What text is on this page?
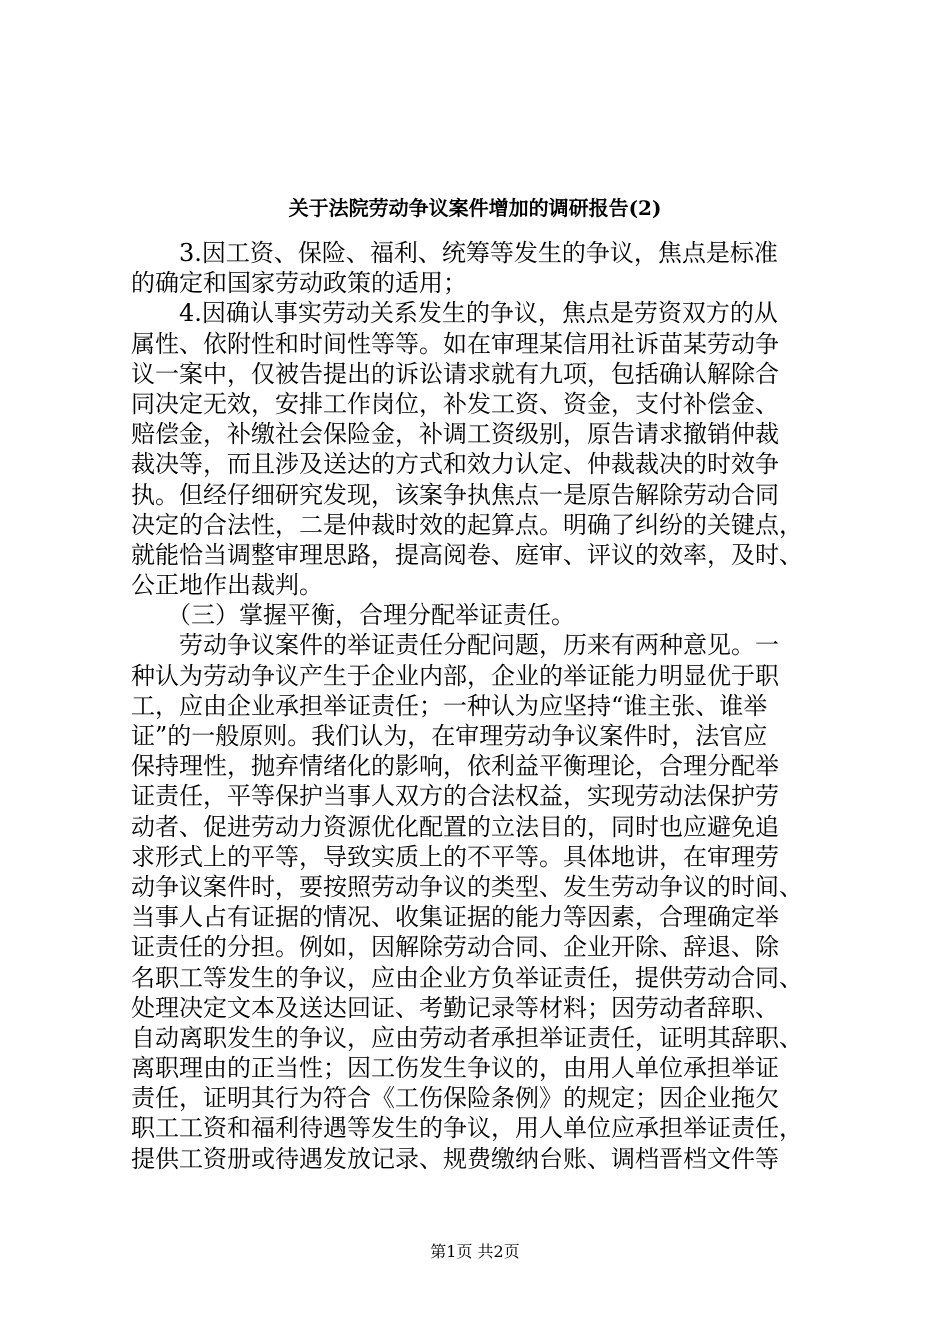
关于法院劳动争议案件增加的调研报告(2)
　　3.因工资、保险、福利、统筹等发生的争议，焦点是标准
的确定和国家劳动政策的适用；
　　4.因确认事实劳动关系发生的争议，焦点是劳资双方的从
属性、依附性和时间性等等。如在审理某信用社诉苗某劳动争
议一案中，仅被告提出的诉讼请求就有九项，包括确认解除合
同决定无效，安排工作岗位，补发工资、资金，支付补偿金、
赔偿金，补缴社会保险金，补调工资级别，原告请求撤销仲裁
裁决等，而且涉及送达的方式和效力认定、仲裁裁决的时效争
执。但经仔细研究发现，该案争执焦点一是原告解除劳动合同
决定的合法性，二是仲裁时效的起算点。明确了纠纷的关键点，
就能恰当调整审理思路，提高阅卷、庭审、评议的效率，及时、
公正地作出裁判。
　　（三）掌握平衡，合理分配举证责任。
　　劳动争议案件的举证责任分配问题，历来有两种意见。一
种认为劳动争议产生于企业内部，企业的举证能力明显优于职
工，应由企业承担举证责任；一种认为应坚持“谁主张、谁举
证”的一般原则。我们认为，在审理劳动争议案件时，法官应
保持理性，抛弃情绪化的影响，依利益平衡理论，合理分配举
证责任，平等保护当事人双方的合法权益，实现劳动法保护劳
动者、促进劳动力资源优化配置的立法目的，同时也应避免追
求形式上的平等，导致实质上的不平等。具体地讲，在审理劳
动争议案件时，要按照劳动争议的类型、发生劳动争议的时间、
当事人占有证据的情况、收集证据的能力等因素，合理确定举
证责任的分担。例如，因解除劳动合同、企业开除、辞退、除
名职工等发生的争议，应由企业方负举证责任，提供劳动合同、
处理决定文本及送达回证、考勤记录等材料；因劳动者辞职、
自动离职发生的争议，应由劳动者承担举证责任，证明其辞职、
离职理由的正当性；因工伤发生争议的，由用人单位承担举证
责任，证明其行为符合《工伤保险条例》的规定；因企业拖欠
职工工资和福利待遇等发生的争议，用人单位应承担举证责任，
提供工资册或待遇发放记录、规费缴纳台账、调档晋档文件等
第1页 共2页
